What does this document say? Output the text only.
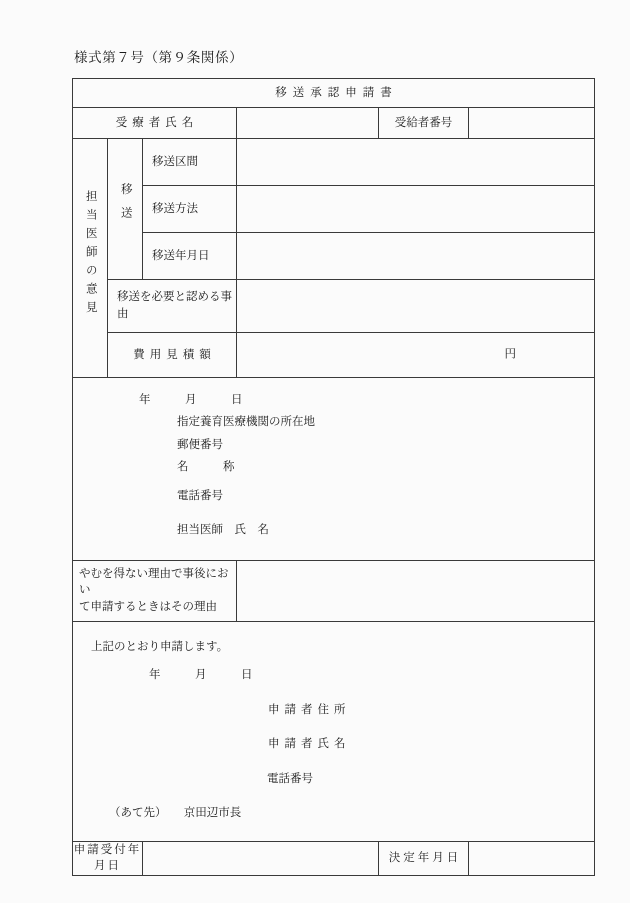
様式第７号（第９条関係）
移送承認申請書					
受療者氏名				受給者番号	
担当医師の意見	移送	移送区間			
		移送方法			
		移送年月日			
	移送を必要と認める事由				
	費用見積額		円		

年　　　月　　　日
指定養育医療機関の所在地
郵便番号
名　　　称
電話番号
担当医師　氏　名

やむを得ない理由で事後におい
て申請するときはその理由					

上記のとおり申請します。
年　　　月　　　日
申請者住所
申請者氏名
電話番号
（あて先）　　 京田辺市長

申請受付年月日				決定年月日	
